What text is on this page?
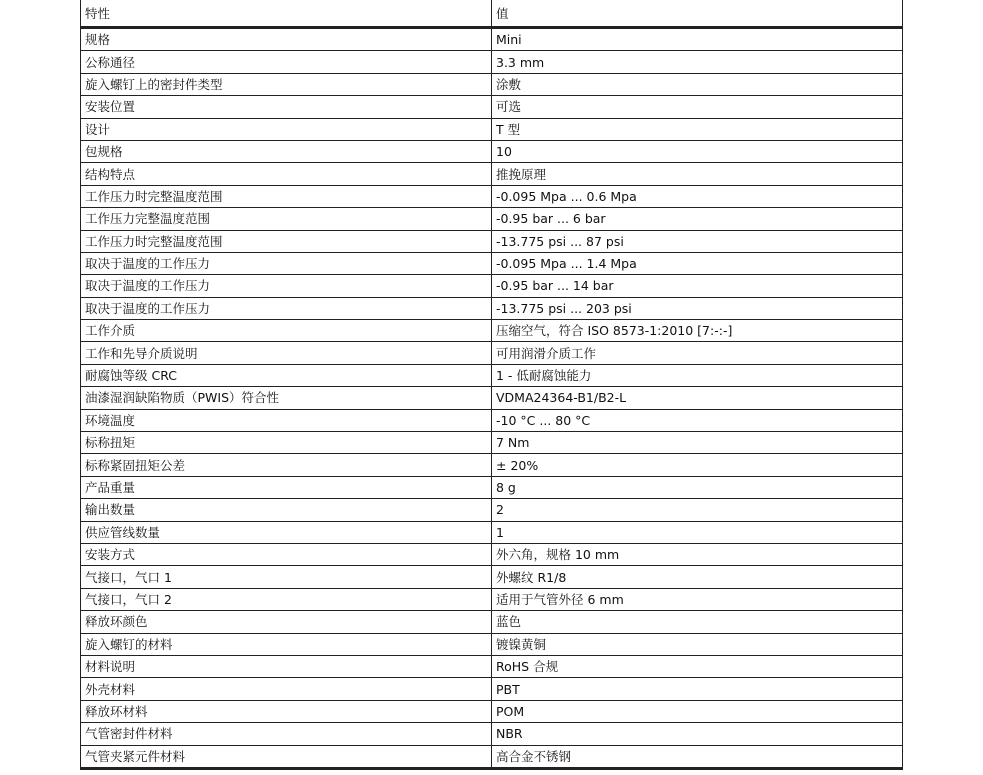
特性	值
规格	Mini
公称通径	3.3 mm
旋入螺钉上的密封件类型	涂敷
安装位置	可选
设计	T 型
包规格	10
结构特点	推挽原理
工作压力时完整温度范围	-0.095 Mpa ... 0.6 Mpa
工作压力完整温度范围	-0.95 bar ... 6 bar
工作压力时完整温度范围	-13.775 psi ... 87 psi
取决于温度的工作压力	-0.095 Mpa ... 1.4 Mpa
取决于温度的工作压力	-0.95 bar ... 14 bar
取决于温度的工作压力	-13.775 psi ... 203 psi
工作介质	压缩空气，符合 ISO 8573-1:2010 [7:-:-]
工作和先导介质说明	可用润滑介质工作
耐腐蚀等级 CRC	1 - 低耐腐蚀能力
油漆湿润缺陷物质（PWIS）符合性	VDMA24364-B1/B2-L
环境温度	-10 °C ... 80 °C
标称扭矩	7 Nm
标称紧固扭矩公差	± 20%
产品重量	8 g
输出数量	2
供应管线数量	1
安装方式	外六角，规格 10 mm
气接口，气口 1	外螺纹 R1/8
气接口，气口 2	适用于气管外径 6 mm
释放环颜色	蓝色
旋入螺钉的材料	镀镍黄铜
材料说明	RoHS 合规
外壳材料	PBT
释放环材料	POM
气管密封件材料	NBR
气管夹紧元件材料	高合金不锈钢
